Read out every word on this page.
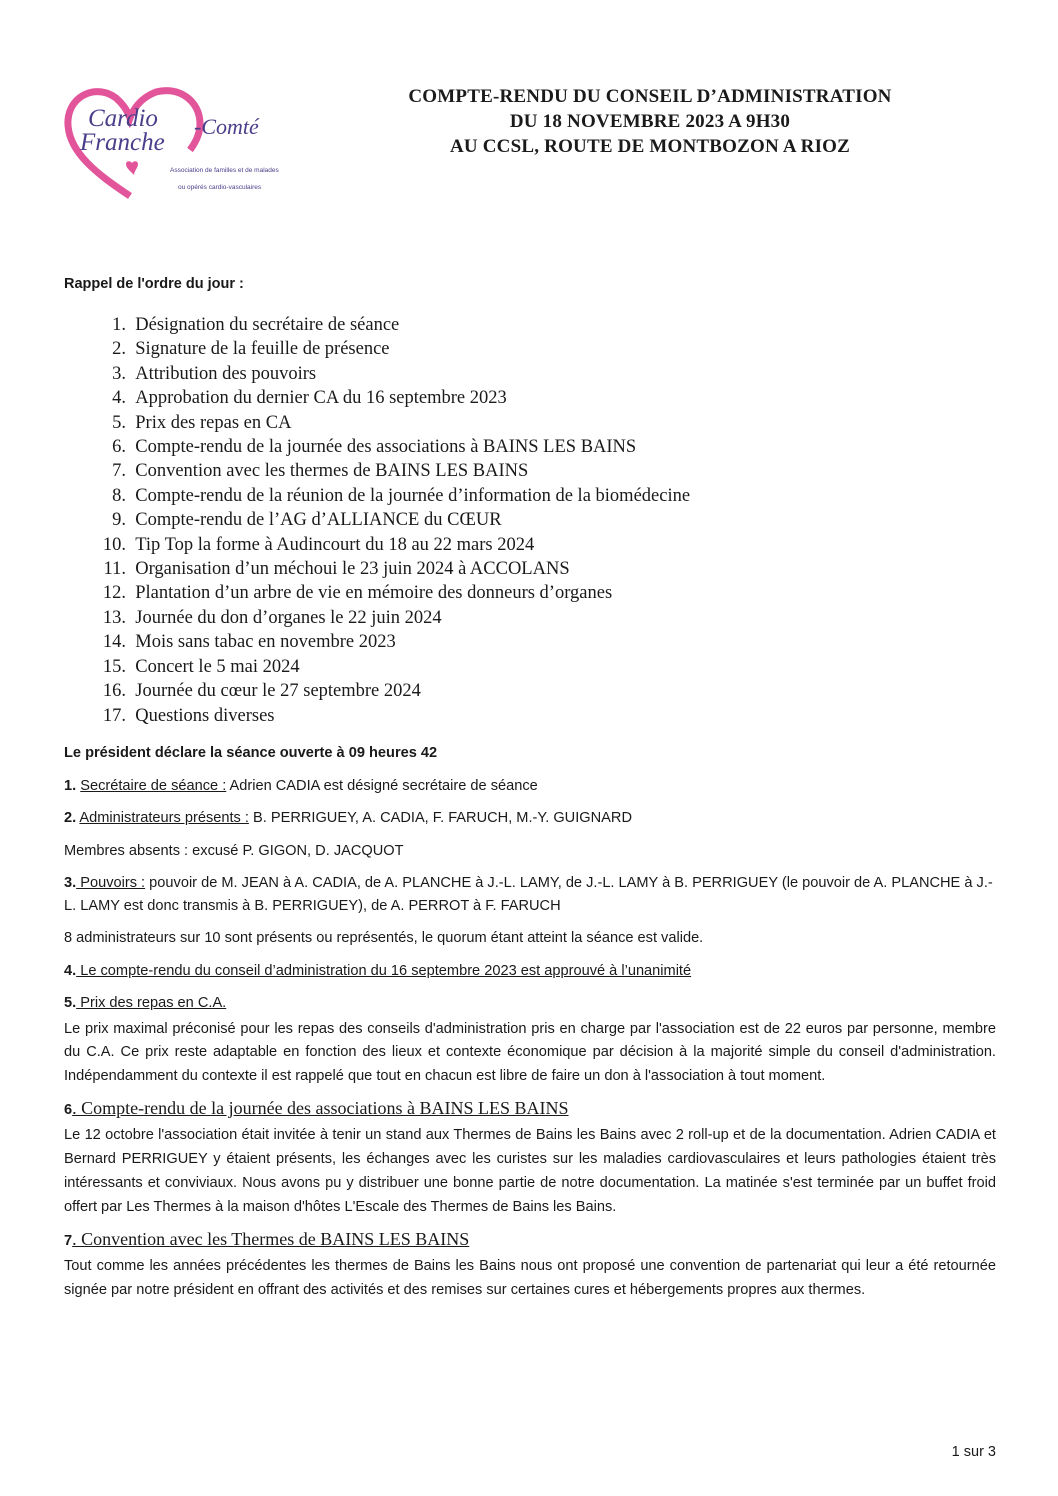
Cardio
Franche
-Comté
Association de familles et de malades
ou opérés cardio-vasculaires
COMPTE-RENDU DU CONSEIL D’ADMINISTRATION
DU 18 NOVEMBRE 2023 A 9H30
AU CCSL, ROUTE DE MONTBOZON A RIOZ
Rappel de l'ordre du jour :
1.
Désignation du secrétaire de séance
2.
Signature de la feuille de présence
3.
Attribution des pouvoirs
4.
Approbation du dernier CA du 16 septembre 2023
5.
Prix des repas en CA
6.
Compte-rendu de la journée des associations à BAINS LES BAINS
7.
Convention avec les thermes de BAINS LES BAINS
8.
Compte-rendu de la réunion de la journée d’information de la biomédecine
9.
Compte-rendu de l’AG d’ALLIANCE du CŒUR
10.
Tip Top la forme à Audincourt du 18 au 22 mars 2024
11.
Organisation d’un méchoui le 23 juin 2024 à ACCOLANS
12.
Plantation d’un arbre de vie en mémoire des donneurs d’organes
13.
Journée du don d’organes le 22 juin 2024
14.
Mois sans tabac en novembre 2023
15.
Concert le 5 mai 2024
16.
Journée du cœur le 27 septembre 2024
17.
Questions diverses

Le président déclare la séance ouverte à 09 heures 42

1. Secrétaire de séance : Adrien CADIA est désigné secrétaire de séance

2. Administrateurs présents : B. PERRIGUEY, A. CADIA, F. FARUCH, M.-Y. GUIGNARD

Membres absents : excusé P. GIGON, D. JACQUOT

3. Pouvoirs : pouvoir de M. JEAN à A. CADIA, de A. PLANCHE à J.-L. LAMY, de J.-L. LAMY à B. PERRIGUEY (le pouvoir de A. PLANCHE à J.-L. LAMY est donc transmis à B. PERRIGUEY), de A. PERROT à F. FARUCH

8 administrateurs sur 10 sont présents ou représentés, le quorum étant atteint la séance est valide.

4. Le compte-rendu du conseil d’administration du 16 septembre 2023 est approuvé à l’unanimité

5. Prix des repas en C.A.

Le prix maximal préconisé pour les repas des conseils d'administration pris en charge par l'association est de 22 euros par personne, membre du C.A. Ce prix reste adaptable en fonction des lieux et contexte économique par décision à la majorité simple du conseil d'administration. Indépendamment du contexte il est rappelé que tout en chacun est libre de faire un don à l'association à tout moment.

6. Compte-rendu de la journée des associations à BAINS LES BAINS

Le 12 octobre l'association était invitée à tenir un stand aux Thermes de Bains les Bains avec 2 roll-up et de la documentation. Adrien CADIA et Bernard PERRIGUEY y étaient présents, les échanges avec les curistes sur les maladies cardiovasculaires et leurs pathologies étaient très intéressants et conviviaux. Nous avons pu y distribuer une bonne partie de notre documentation. La matinée s'est terminée par un buffet froid offert par Les Thermes à la maison d'hôtes L'Escale des Thermes de Bains les Bains.

7. Convention avec les Thermes de BAINS LES BAINS

Tout comme les années précédentes les thermes de Bains les Bains nous ont proposé une convention de partenariat qui leur a été retournée signée par notre président en offrant des activités et des remises sur certaines cures et hébergements propres aux thermes.

1 sur 3
